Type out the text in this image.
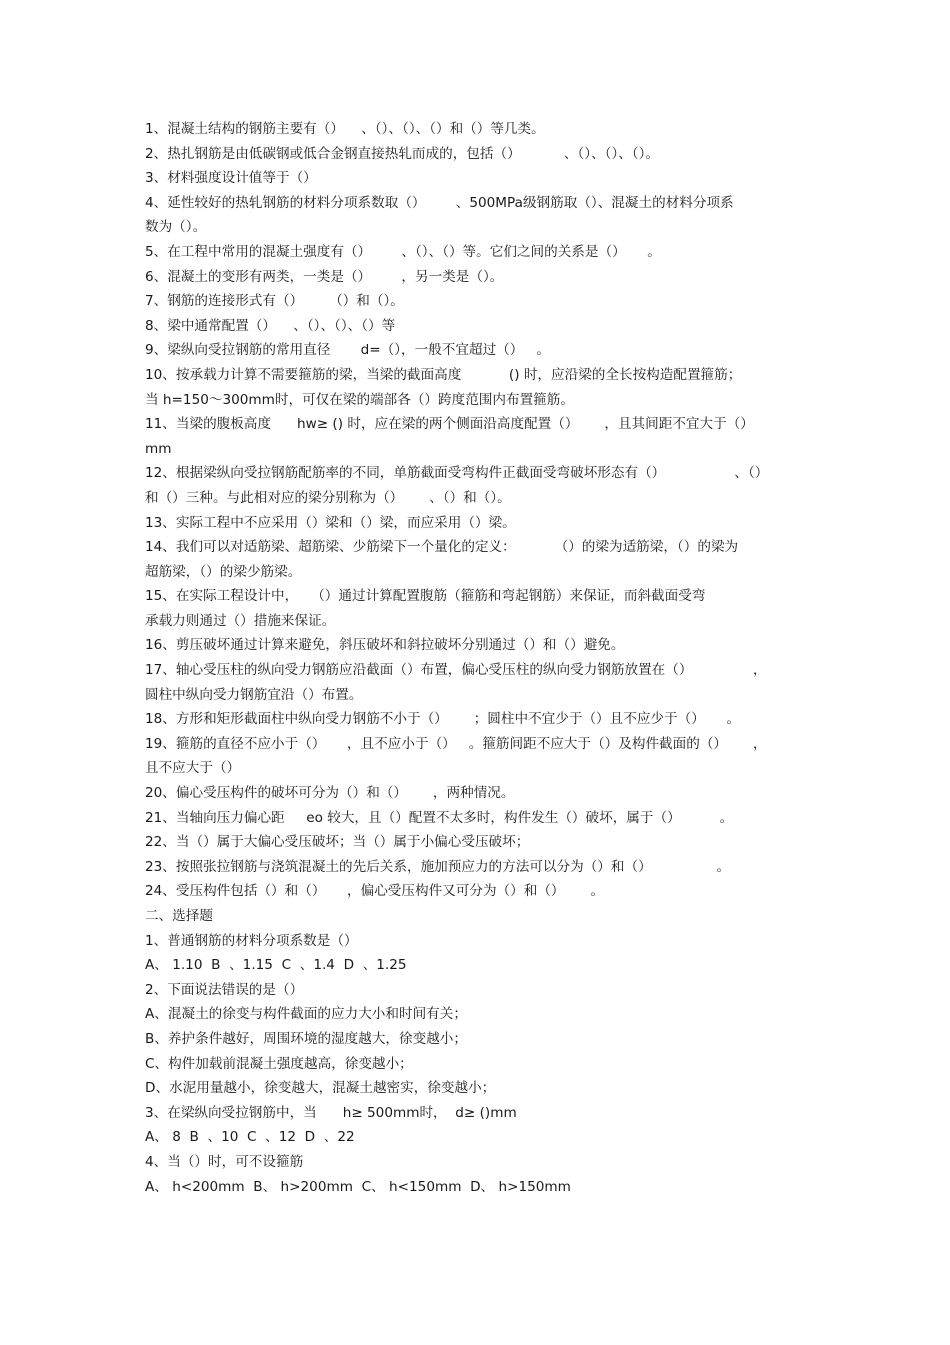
1、混凝土结构的钢筋主要有（）    、（）、（）、（）和（）等几类。
2、热扎钢筋是由低碳钢或低合金钢直接热轧而成的，包括（）          、（）、（）、（）。
3、材料强度设计值等于（）
4、延性较好的热轧钢筋的材料分项系数取（）       、500MPa级钢筋取（）、混凝土的材料分项系
数为（）。
5、在工程中常用的混凝土强度有（）       、（）、（）等。它们之间的关系是（）     。
6、混凝土的变形有两类，一类是（）       ，另一类是（）。
7、钢筋的连接形式有（）      （）和（）。
8、梁中通常配置（）    、（）、（）、（）等
9、梁纵向受拉钢筋的常用直径       d=（），一般不宜超过（）   。
10、按承载力计算不需要箍筋的梁，当梁的截面高度           () 时，应沿梁的全长按构造配置箍筋；
当 h=150～300mm时，可仅在梁的端部各（）跨度范围内布置箍筋。
11、当梁的腹板高度      hw≥ () 时，应在梁的两个侧面沿高度配置（）      ，且其间距不宜大于（）
mm
12、根据梁纵向受拉钢筋配筋率的不同，单筋截面受弯构件正截面受弯破坏形态有（）                、（）
和（）三种。与此相对应的梁分别称为（）      、（）和（）。
13、实际工程中不应采用（）梁和（）梁，而应采用（）梁。
14、我们可以对适筋梁、超筋梁、少筋梁下一个量化的定义：         （）的梁为适筋梁，（）的梁为
超筋梁，（）的梁少筋梁。
15、在实际工程设计中，   （）通过计算配置腹筋（箍筋和弯起钢筋）来保证，而斜截面受弯
承载力则通过（）措施来保证。
16、剪压破坏通过计算来避免，斜压破坏和斜拉破坏分别通过（）和（）避免。
17、轴心受压柱的纵向受力钢筋应沿截面（）布置，偏心受压柱的纵向受力钢筋放置在（）              ，
圆柱中纵向受力钢筋宜沿（）布置。
18、方形和矩形截面柱中纵向受力钢筋不小于（）      ；圆柱中不宜少于（）且不应少于（）     。
19、箍筋的直径不应小于（）     ，且不应小于（）   。箍筋间距不应大于（）及构件截面的（）      ，
且不应大于（）
20、偏心受压构件的破坏可分为（）和（）      ，两种情况。
21、当轴向压力偏心距     eo 较大，且（）配置不太多时，构件发生（）破坏，属于（）         。
22、当（）属于大偏心受压破坏；当（）属于小偏心受压破坏；
23、按照张拉钢筋与浇筑混凝土的先后关系，施加预应力的方法可以分为（）和（）               。
24、受压构件包括（）和（）     ，偏心受压构件又可分为（）和（）      。
二、选择题
1、普通钢筋的材料分项系数是（）
A、 1.10  B  、1.15  C  、1.4  D  、1.25
2、下面说法错误的是（）
A、混凝土的徐变与构件截面的应力大小和时间有关；
B、养护条件越好，周围环境的湿度越大，徐变越小；
C、构件加载前混凝土强度越高，徐变越小；
D、水泥用量越小，徐变越大，混凝土越密实，徐变越小；
3、在梁纵向受拉钢筋中，当      h≥ 500mm时，  d≥ ()mm
A、 8  B  、10  C  、12  D  、22
4、当（）时，可不设箍筋
A、 h<200mm  B、 h>200mm  C、 h<150mm  D、 h>150mm
